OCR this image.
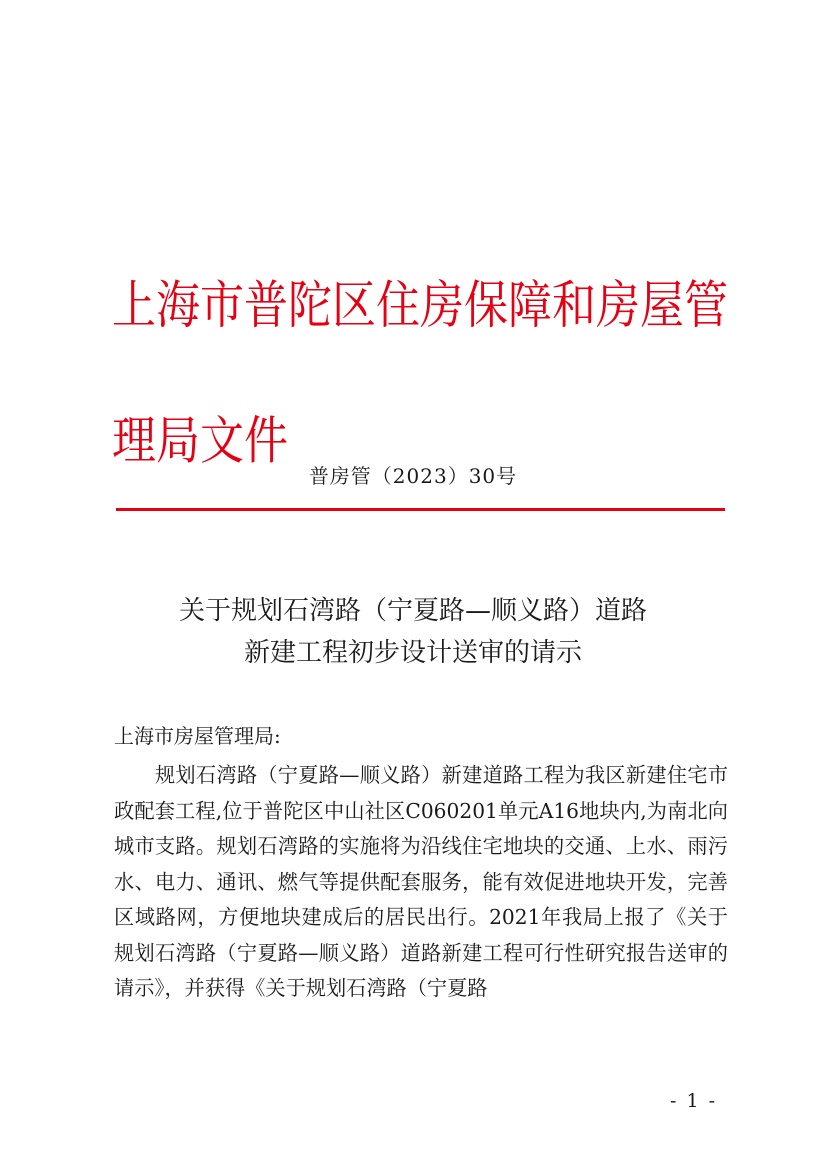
上海市普陀区住房保障和房屋管理局文件
普房管（2023）30号
关于规划石湾路（宁夏路—顺义路）道路
新建工程初步设计送审的请示
上海市房屋管理局:

　　规划石湾路（宁夏路—顺义路）新建道路工程为我区新建住宅市政配套工程,位于普陀区中山社区C060201单元A16地块内,为南北向城市支路。规划石湾路的实施将为沿线住宅地块的交通、上水、雨污水、电力、通讯、燃气等提供配套服务，能有效促进地块开发，完善区域路网，方便地块建成后的居民出行。2021年我局上报了《关于规划石湾路（宁夏路—顺义路）道路新建工程可行性研究报告送审的请示》，并获得《关于规划石湾路（宁夏路

- 1 -
